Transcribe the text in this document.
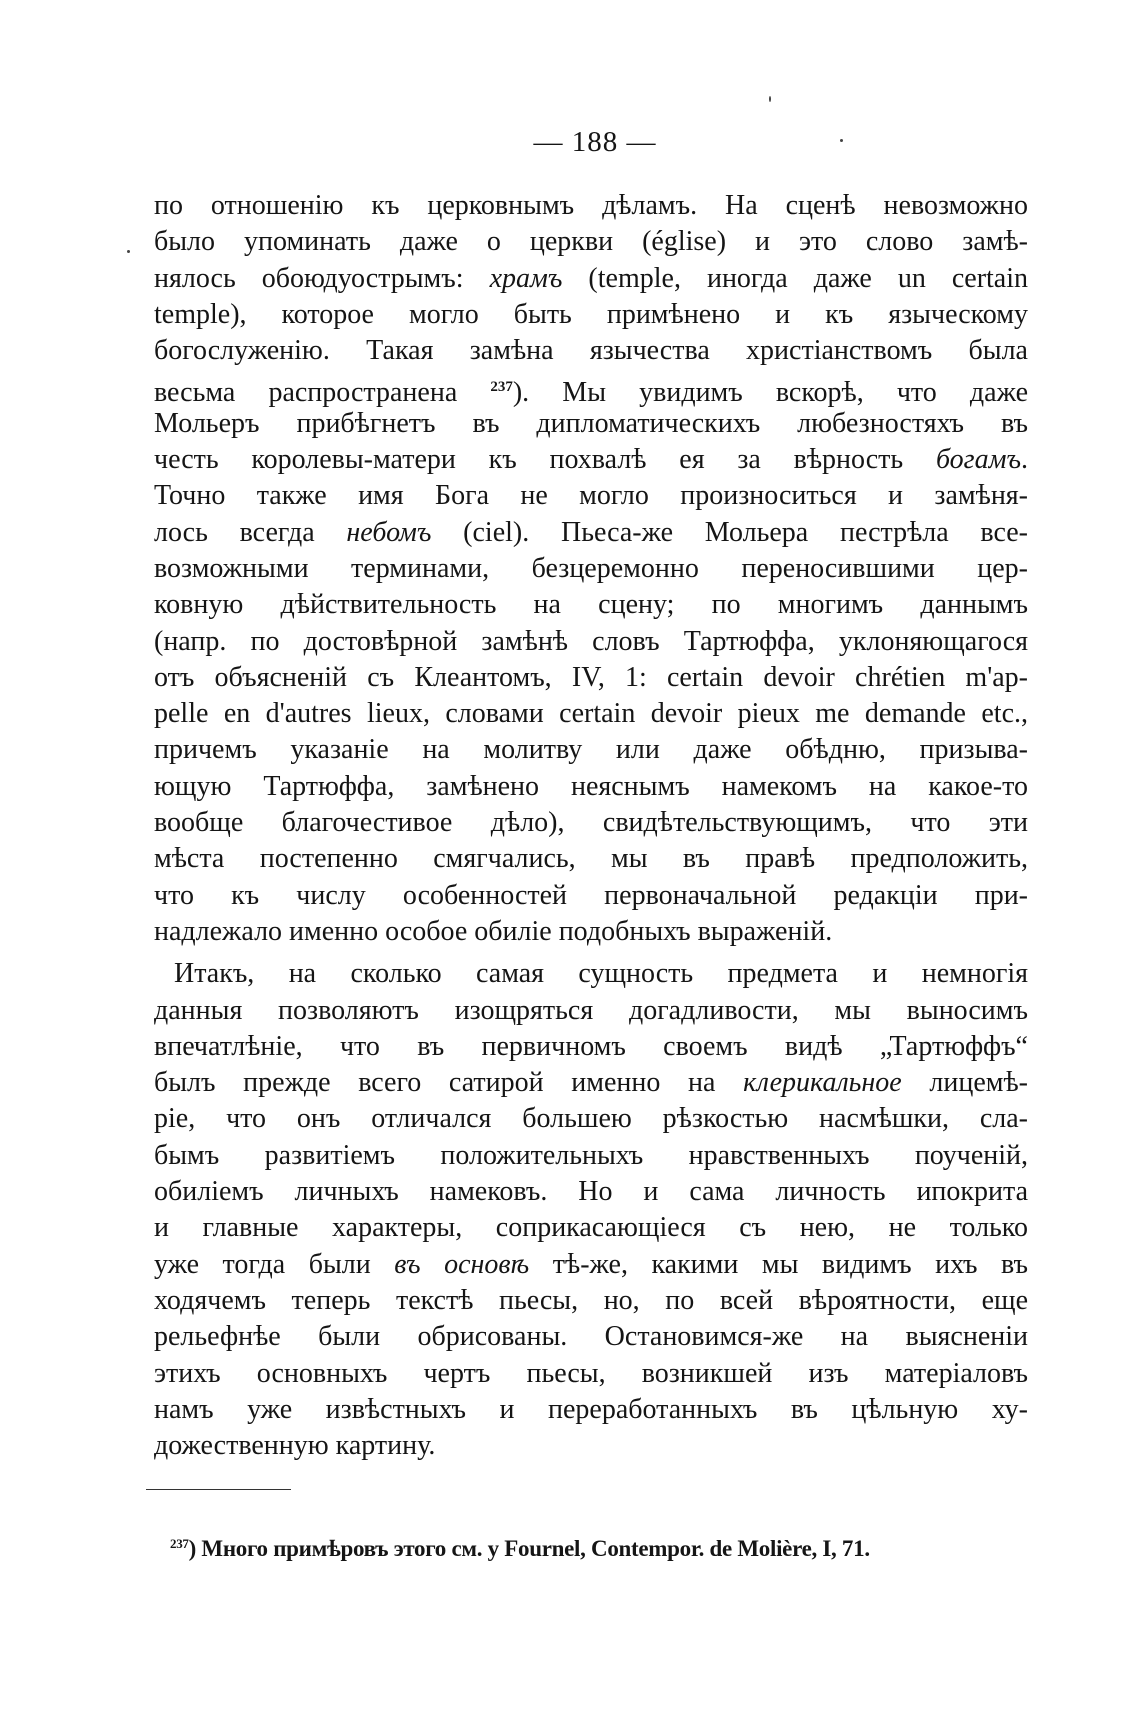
— 188 —
по отношенію къ церковнымъ дѣламъ. На сценѣ невозможно
было упоминать даже о церкви (église) и это слово замѣ-
нялось обоюдуострымъ: храмъ (temple, иногда даже un certain
temple), которое могло быть примѣнено и къ языческому
богослуженію. Такая замѣна язычества христіанствомъ была
весьма распространена $^{237}$). Мы увидимъ вскорѣ, что даже
Мольеръ прибѣгнетъ въ дипломатическихъ любезностяхъ въ
честь королевы-матери къ похвалѣ ея за вѣрность богамъ.
Точно также имя Бога не могло произноситься и замѣня-
лось всегда небомъ (ciel). Пьеса-же Мольера пестрѣла все-
возможными терминами, безцеремонно переносившими цер-
ковную дѣйствительность на сцену; по многимъ даннымъ
(напр. по достовѣрной замѣнѣ словъ Тартюффа, уклоняющагося
отъ объясненій съ Клеантомъ, IV, 1: certain devoir chrétien m'ap-
pelle en d'autres lieux, словами certain devoir pieux me demande etc.,
причемъ указаніе на молитву или даже обѣдню, призыва-
ющую Тартюффа, замѣнено неяснымъ намекомъ на какое-то
вообще благочестивое дѣло), свидѣтельствующимъ, что эти
мѣста постепенно смягчались, мы въ правѣ предположить,
что къ числу особенностей первоначальной редакціи при-
надлежало именно особое обиліе подобныхъ выраженій.
Итакъ, на сколько самая сущность предмета и немногія
данныя позволяютъ изощряться догадливости, мы выносимъ
впечатлѣніе, что въ первичномъ своемъ видѣ „Тартюффъ“
былъ прежде всего сатирой именно на клерикальное лицемѣ-
ріе, что онъ отличался большею рѣзкостью насмѣшки, сла-
бымъ развитіемъ положительныхъ нравственныхъ поученій,
обиліемъ личныхъ намековъ. Но и сама личность ипокрита
и главные характеры, соприкасающіеся съ нею, не только
уже тогда были въ основѣ тѣ-же, какими мы видимъ ихъ въ
ходячемъ теперь текстѣ пьесы, но, по всей вѣроятности, еще
рельефнѣе были обрисованы. Остановимся-же на выясненіи
этихъ основныхъ чертъ пьесы, возникшей изъ матеріаловъ
намъ уже извѣстныхъ и переработанныхъ въ цѣльную ху-
дожественную картину.
$^{237}$) Много примѣровъ этого см. у Fournel, Contempor. de Molière, I, 71.
